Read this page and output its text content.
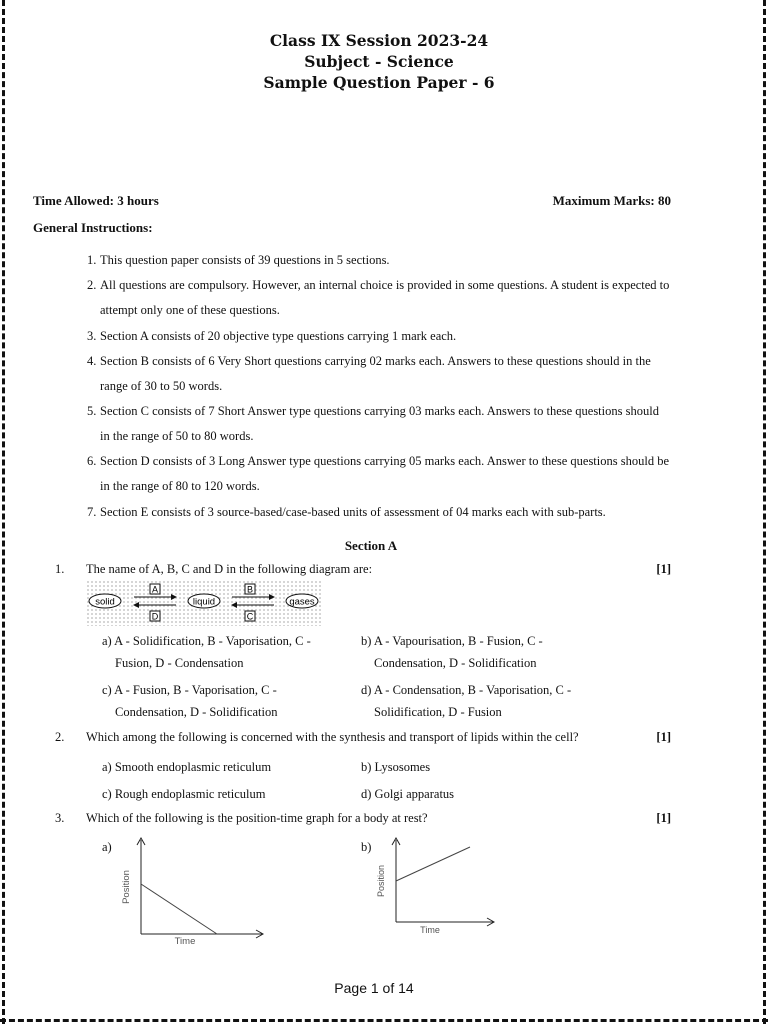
Class IX Session 2023-24
Subject - Science
Sample Question Paper - 6
Time Allowed: 3 hours	Maximum Marks: 80
General Instructions:
1. This question paper consists of 39 questions in 5 sections.
2. All questions are compulsory. However, an internal choice is provided in some questions. A student is expected to attempt only one of these questions.
3. Section A consists of 20 objective type questions carrying 1 mark each.
4. Section B consists of 6 Very Short questions carrying 02 marks each. Answers to these questions should in the range of 30 to 50 words.
5. Section C consists of 7 Short Answer type questions carrying 03 marks each. Answers to these questions should in the range of 50 to 80 words.
6. Section D consists of 3 Long Answer type questions carrying 05 marks each. Answer to these questions should be in the range of 80 to 120 words.
7. Section E consists of 3 source-based/case-based units of assessment of 04 marks each with sub-parts.
Section A
1. The name of A, B, C and D in the following diagram are:	[1]
solid	liquid	gases
A
D
B
C
a) A - Solidification, B - Vaporisation, C -
Fusion, D - Condensation
b) A - Vapourisation, B - Fusion, C -
Condensation, D - Solidification
c) A - Fusion, B - Vaporisation, C -
Condensation, D - Solidification
d) A - Condensation, B - Vaporisation, C -
Solidification, D - Fusion
2. Which among the following is concerned with the synthesis and transport of lipids within the cell?	[1]
a) Smooth endoplasmic reticulum	b) Lysosomes
c) Rough endoplasmic reticulum	d) Golgi apparatus
3. Which of the following is the position-time graph for a body at rest?	[1]
a)	b)
Time
Position
Time
Position
Page 1 of 14
